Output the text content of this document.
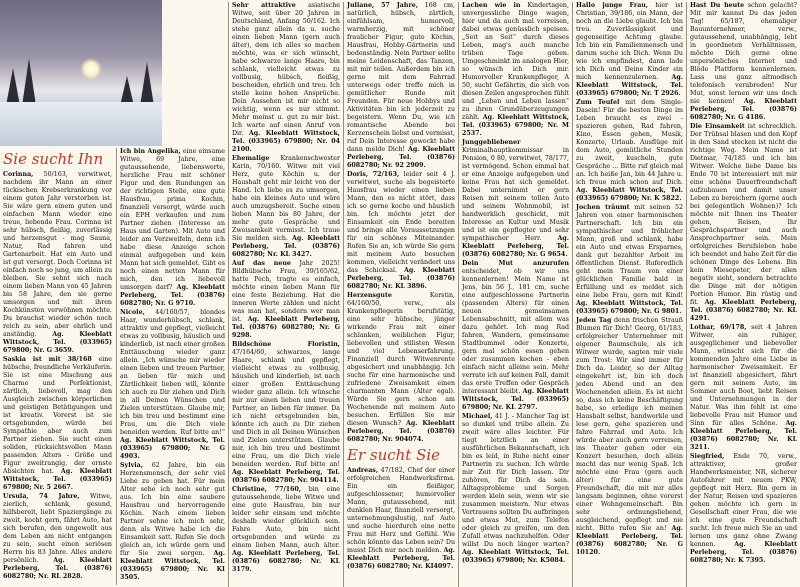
Sie sucht Ihn

Corinna, 50/163, verwitwet, nachdem ihr Mann an einer tückischen Krebserkrankung vor einem guten Jahr verstorben ist. Sie wäre gern einem guten und einfachen Mann wieder eine treue, liebende Frau. Corinna ist sehr hübsch, fleißig, zuverlässig und herzensgut - mag Sauna, Natur, Rad fahren und Gartenarbeit. Hat ein Auto und ist gut versorgt. Doch Corinna ist einfach noch so jung, um allein zu bleiben. Sie sehnt sich nach einem lieben Mann von 45 Jahren bis 58 Jahre, den sie gerne umsorgen und mit ihren Kochkünsten verwöhnen möchte. Du brauchst wieder schön noch reich zu sein, aber ehrlich und anständig. Ag. Kleeblatt Wittstock, Tel. (033965) 679800; Nr. G 3659.

Saskia ist mit 38/168 eine hübsche, freundliche Verkäuferin. Sie ist eine Mischung aus Charme und Perfektionist, zärtlich, liebevoll, mag den Ausgleich zwischen körperlichen und geistigen Betätigungen und ist kreativ. Vorerst ist sie ortsgebunden, würde bei Sympathie aber auch zum Partner ziehen. Sie sucht einen soliden, rücksichtsvollen Mann passenden Alters - Größe und Figur zweitrangig, der ernste Absichten hat. Ag. Kleeblatt Wittstock, Tel. (033965) 679800; Nr. 5 2667.

Ursula, 74 Jahre, Witwe, zierlich, schlank, gesund, hilfsbereit, liebt Spaziergänge zu zweit, kocht gern, fährt Auto, hat sich berufen, den ungewollt aus dem Leben am nicht entgangen zu sein, sucht einen seriösen Herrn bis 83 Jahre. Alles andere persönlich. Ag. Kleeblatt Perleberg, Tel. (03876) 6082780; Nr. RL 2828.

Ich bin Angelika, eine einsame Witwe, 69 Jahre, eine gutaussehende, liebenswerte, herzliche Frau mit schöner Figur und den Rundungen an der richtigen Stelle, eine gute Hausfrau, prima Kochin, finanziell versorgt, würde auch ein EPH verkaufen und zum Partner ziehen (Interesse an Haus und Garten). Mit Auto und leider am Verzweifeln, denn ich habe diese Anzeige schon einmal aufgegeben und kein Mann hat sich gemeldet. Gibt es noch einen netten Mann für mich, den ich liebevoll umsorgen darf? Ag. Kleeblatt Perleberg, Tel. (03876) 6082780; Nr. G 9710.

Nicole, 44/160/57, blondes Haar, wunderhübsch, schlank, attraktiv und gepflegt, vielleicht etwas zu vollbusig, häuslich und kinderlieb, ist nach einer großen Enttäuschung wieder ganz allein. „Ich wünsche mir wieder einen lieben und treuen Partner, an lieben für mich und Zärtlichkeit lieben will, könnte ich auch zu Dir ziehen und Dich in all Deinen Wünschen und Zielen unterstützen. Glaube mir, ich bin treu und bestimmt eine Frau, um die Dich viele beneiden werden. Ruf bitte an!“ Ag. Kleeblatt Wittstock, Tel. (033965) 679800; Nr. G 4903.

Sylvia, 62 Jahre, bin ein Herzensmensch, der sehr viel Liebe zu geben hat. Für mein Alter sehe ich noch sehr gut aus. Ich bin eine saubere Hausfrau und hervorragende Köchin. Nach einem lieben Partner sehne ich mich sehr, denn als Witwe habe ich die Einsamkeit satt. Rufen Sie doch gleich an, ich würde gern und für Sie zwei sorgen. Ag. Kleeblatt Wittstock, Tel. (033965) 679800; Nr. KI 3505.

Sehr attraktive asiatische Witwe, seit über 20 Jahren in Deutschland, Anfang 50/162. Ich stehe ganz allein da u. suche einen lieben Mann (gern auch älter), dem ich alles so machen möchte, was er sich wünscht, habe schwarze lange Haare, bin schlank, vielleicht etwas zu vollbusig, hübsch, fleißig, bescheiden, ehrlich und treu. Ich stelle keine hohen Ansprüche. Dein Aussehen ist mir nicht so wichtig, wenn es nur stimmt. Mehr meinst u. gut zu mir bist. Ich warte auf einen Anruf von Dir. Ag. Kleeblatt Wittstock, Tel. (033965) 679800; Nr. 04 2100.

Ehemalige Krankenschwester Karin, 70/160. Witwe mit viel Herz, gute Köchin u. der Haushalt geht mir leicht von der Hand. Ich liebe es zu umsorgen, habe ein kleines Auto und wäre auch umzugsbereit. Suche einen lieben Mann bis 80 Jahre, der mehr gute Gespräche und Zweisamkeit vermisst. Ich traue Sie melden sich. Ag. Kleeblatt Perleberg, Tel. (03876) 6082780; Nr. KL 3427.

Auf das neue Jahr 2025! Bildhübsche Frau, 39/165/62, hatte Pech, tragte es einfach, möchte einen lieben Mann für eine feste Beziehung. Hat die inneren Werte zählen und nicht was man hat, sondern wer man ist. Ag. Kleeblatt Perleberg, Tel. (03876) 6082780; Nr. G 9298.

Bildschöne Floristin, 47/164/60, schwarzes, lange Haare, schlank und gepflegt, vielleicht etwas zu vollbusig, häuslich und kinderlieb, ist nach einer großen Enttäuschung wieder ganz allein. Ich wünsche mir nur einen lieben und treuen Partner, an lieben für immer. Da ich nicht ortsgebunden bin, könnte ich auch zu Dir ziehen und Dich in all Deinen Wünschen und Zielen unterstützen. Glaube mir, ich bin treu und bestimmt eine Frau, um die Dich viele beneiden werden. Ruf bitte an! Ag. Kleeblatt Perleberg, Tel. (03876) 6082780; Nr. 904114.

Christine, 77/160, bin eine gutaussehende, liebe Witwe und eine gute Hausfrau, bin nur leider sehr einsam und möchte deshalb wieder glücklich sein. Fahre Auto, bin nicht ortsgebunden und würde zu einem lieben Mann, auch älter. Ag. Kleeblatt Perleberg, Tel. (03876) 6082780; Nr. KL 3179.

Juliane, 57 Jahre, 168 cm, natürlich, hübsch, zärtlich, einfühlsam, humorvoll, warmherzig, mit schöner fraulicher Figur, gute Köchin, Hausfrau, Hobby-Gärtnerin und bodenständig. Nein Partner sollte meine Leidenschaft, das Tanzen, mit mir teilen. Außerdem bin ich gerne mit dem Fahrrad unterwegs oder treffe mich in gemütlicher Runde mit Freunden. Für neue Hobbys und Aktivitäten bin ich jederzeit zu begeistern. Wenn Du, wie ich romantische Abende bei Kerzenschein liebst und vermisst, ruf Dein Interesse geweckt habe dann melde Dich! Ag. Kleeblatt Perleberg, Tel. (03876) 6082780; Nr. 92 2909.

Doris, 72/163, leider seit 4 J. verwitwet, suche als begeisterte Hausfrau wieder einen lieben Mann, den es nicht stört, dass ich so gerne koche und häuslich bin. Ich möchte jetzt der Einsamkeit ein Ende bereiten und bringe alle Voraussetzungen für ein schönes Miteinander. Rufen Sie an, ich würde Sie gern mit meinem Auto besuchen kommen, vielleicht verändert uns das Schicksal. Ag. Kleeblatt Perleberg, Tel. (03876) 6082780; Nr. KL 3896.

Herzensgute Kerstin, 64/160/50, verw., als Krankenpflegerin berufstätig, eine sehr hübsche, jünger wirkende Frau mit einer schlanken, weiblichen Figur, liebevollen und stilisten Wesen und viel Lebenserfahrung. Finanziell durch Witwenrente abgesichert und unabhängig. Ich suche für eine harmonische und zufriedene Zweisamkeit einen charmanten Mann (Alter egal). Würde Sie gern schon am Wochenende mit meinem Auto besuchen. Erfüllen Sie mir diesen Wunsch? Ag. Kleeblatt Perleberg, Tel. (03876) 6082780; Nr. 904074.

Er sucht Sie

Andreas, 47/182, Chef der einer erfolgreichen Handwerksfirma. Ein ein fleißiger, aufgeschlossener, humorvoller Mann, gutaussehend, mit dunklen Haar, finanziell versorgt, unternehmungslustig, naf Auto und suche hierdurch eine nette Frau mit Herz und Gefühl. Wie schön könnte das Leben sein? Du musst Dich nur noch melden. Ag. Kleeblatt Perleberg, Tel. (03876) 6082780; Nr. KI4097.

Lachen wie in Kindertagen, unvergessliche Dinge wagen, hier und da auch mal verreisen, dabei etwas genüsslich speisen. „Seit an Seit“ durch dieses Leben, mag's auch manche trüben Tage geben. Umgeschminkt im analogen Hier, so wünsch ich Dich mir. Humorvoller Krankenpfleger, A 50, sucht Gefährtin, die sich von diesen Zeilen angesprochen fühlt und „Leben und Leben lassen“ zu ihren Grundüberzeugungen zählt. Ag. Kleeblatt Wittstock, Tel. (033965) 679800; Nr. M 2537.

Junggebliebener Kriminalhauptkommissar in Pension, 0 80, verwitwet, 78/177, ist vermögend. Schon einmal hat er eine Anzeige aufgegeben und keine Frau hat sich gemeldet. Dabei unternimmt er gern Reisen mit seinem tollen Auto und seinem Wohnmobil, ist handwerklich geschickt, mit Interesse an Kultur und Musik und ist ein gepflegter und sehr sympathischer Herr. Ag. Kleeblatt Perleberg, Tel. (03876) 6082780; Nr. G 9654.

Dein Mut anzurufen entscheidet, ob wir uns kennenlernen! Mein Name ist Jens, bin 56 J., 181 cm, suche eine aufgeschlossene Partnerin (passenden Alters) für einen neuen gemeinsamen Lebensabschnitt, mit allem was dazu gehört. Ich mag Rad fahren, Wandern, gemeinsame Stadtbummel oder Konzerte, gern mal schön essen gehen oder zusammen kochen - eben einfach nicht alleine sein. Mehr verrate ich auf keinen Fall, damit das erste Treffen oder Gespräch interessant bleibt. Ag. Kleeblatt Wittstock, Tel. (033965) 679800; Nr. KL 2797.

Michael, 41 J. - Mancher Tag ist so dunkel und trübe allein. Zu zweit wäre alles leichter. Für tiegt letztlich an einer ausführlichen Bekanntschaft, ich bin es leid, in Ruhe nicht einer Partnerin zu suchen. Ich würde mir Zeit für Dich lassen. Dir zuhören, für Dich da sein. Alltagsprobleme und Sorgen werden klein sein, wenn wir sie zusammen meistern. Nur etwas Vertrauens sollten Du aufbringen und etwas Mut, zum Telefon oder gleich zu greifen, um den Zufall etwas nachzuhelfen. Oder willst Du noch länger warten? Ag. Kleeblatt Wittstock, Tel. (033965) 679800; Nr. K5084.

Hallo junge Frau, hier ist Christian, 39/186, ein Mann, der noch an die Liebe glaubt. Ich bin treu. Zuverlässigkeit und gegenseitige Achtung glaube. Ich bin ein Familienmensch und darum suche ich Dich. Wenn Du wie ich empfindest, dann lade ich Dich und Deine Kinder ein mich kennenzulernen. Ag. Kleeblatt Wittstock, Tel. (033965) 679800; Nr. T 2926.

Zum Teufel mit dem Single-Dasein! Für die besten Dinge im Leben braucht es zwei - spazieren gehen, Rad fahren, Kino, Essen gehen, Musik, Konzerte, Urlaub. Ausflüge mit dem Auto, gemütliche Stunden zu zweit, kuscheln, gute Gespräche ... Bitte ruf gleich mal an. Ich heiße Jan, bin 44 Jahre u. ich freue mich schon auf Dich. Ag. Kleeblatt Wittstock, Tel. (033965) 679800; Nr. K 5822.

Jochen träumt mit seinen 52 Jahren von einer harmonischen Partnerschaft. Ich bin ein sympathischer und fröhlicher Mann, groß und schlank, habe ein Auto und etwas Ersparnes, dank gut bezahlter Arbeit im öffentlichen Dienst. Ruferedlich geht mein Traum von einer glücklichen Familie bald in Erfüllung und es meldet sich eine liebe Frau, gern mit Kind! Ag. Kleeblatt Wittstock, Tel. (033965) 679800; Nr. G 9801.

Jeden Tag denn frischen Strauß Blumen für Dich! Georg, 61/183, erfolgreicher Unternehmer mit eigener Baumschule, als ich Witwer wurde, sagten mir viele zum Trost: Wir sind immer für Dich da. Leider, so der Alltag eingekehrt ist, bin ich doch jeden Abend und an den Wochenenden allein. Es ist nicht so, dass ich keine Beschäftigung habe, so erledige ich meinen Haushalt selbst, handwerkle und lese gern, gehe spazieren und fahre Fahrrad und Auto. Ich würde aber auch gern verreisen, ins Theater gehen oder ein Konzert besuchen, doch allein macht das nur wenig Spaß. Ich möchte eine Frau (gern auch älter) für eine gute Freundschaft, die mit mir alles langsam beginnen, ohne vorerst einer Wohngemeinschaft. Bin sehr ordnungsliebend, ausgleichend, gepflegt und nie nicht. Bitte rufen Sie an! Ag. Kleeblatt Perleberg, Tel. (03876) 6082780; Nr. G 10120.

Hast Du heute schon gelacht? Mit mir kannst Du das jeden Tag! 65/187, ehemaliger Bauunternehmer, verw., gutaussehend, unabhängig, lebt in geordneten Verhältnissen, möchte Dich gerne ohne unpersönliches Internet und Blöde Plattform kennenlernen. Lass uns ganz altmodisch telefonisch verabreden! Nur Mut, sonst lernen wir uns doch nie kennen! Ag. Kleeblatt Perleberg, Tel. (03876) 6082780; Nr. G 4186.

Die Einsamkeit ist schrecklich. Der Trübsal blasen und den Kopf in den Sand stecken ist nicht die richtige Weg. Mein Name ist Dietmar, 74/185 und ich bin Witwer. Welche liebe Dame bis Ende 70 ist interessiert mit mir eine schöne Dauerfreundschaft aufzubauen und damit unser Leben zu bereichern (gerne auch bei gelegentlich Wohnen)? Ich möchte mit Ihnen ins Theater gehen, Reisen, Ihr Gesprächspartner und auch Ansprechpartner sein. Mein erfolgreiches Berufsleben habe ich beendet und habe Zeit für die schönen Dinge des Lebens. Bin kein Miesepeter, der allen negativ sieht, sondern betrachte die Dinge mit der nötigen Portion Humor. Bin rüstig und fit. Ag. Kleeblatt Perleberg, Tel. (03876) 6082780; Nr. KL 4291.

Lothar, 69/178, seit 4 Jahren Witwer, ein ruhiger, ausgeglichener und liebevoller Mann, wünscht sich für die kommenden Jahre eine Liebe in harmonischer Zweisamkeit. Er ist finanziell abgesichert, fährt gern mit seinem Auto, im Sommer auch Boot, liebt Reisen und Unternehmungen in der Natur. Was ihm fehlt ist eine liebevolle Frau mit Humor und Sinn für alles Schöne. Ag. Kleeblatt Perleberg, Tel. (03876) 6082780; Nr. KL 3211.

Siegfried, Ende 70, verw., attraktiver, großer Handwerksmeister, NR, sicherer Autofahrer mit neuem PKW, gepflegt mit Herz. Bin gern in der Natur, Reisen und spazieren gehen möchte ich gern in Gesellschaft einer Frau, die wie ich eine gute Freundschaft sucht. Ich freue mich Sie an und lernen uns ganz ohne Zwang kennen. Ag. Kleeblatt Perleberg, Tel. (03876) 6082780; Nr. K 7395.
